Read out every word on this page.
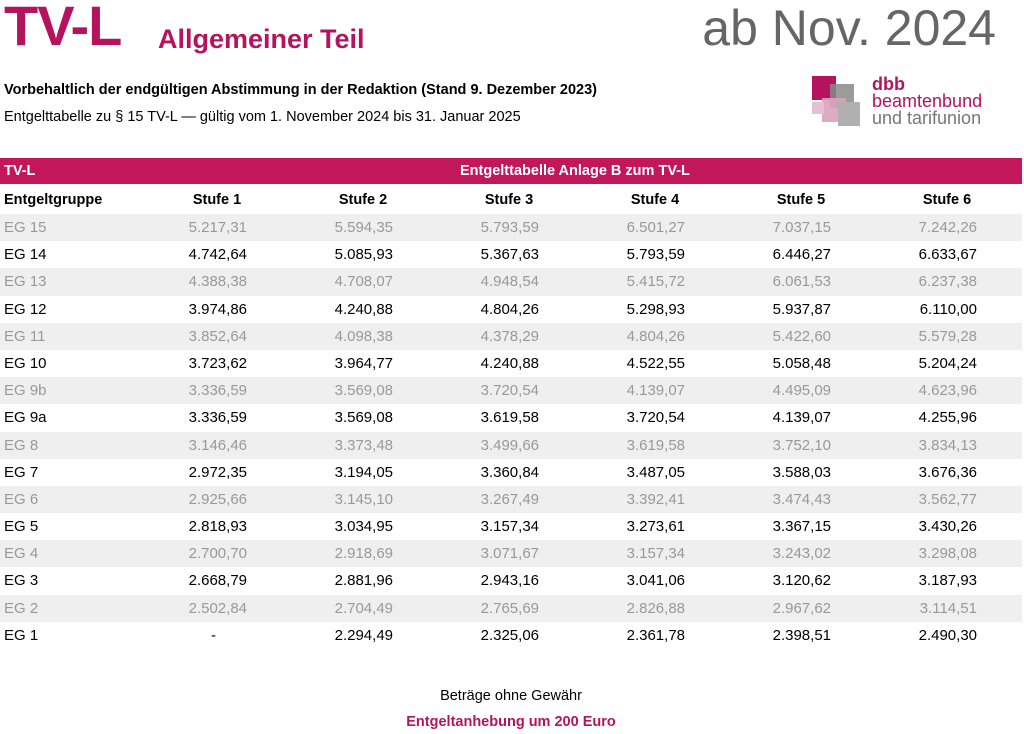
TV-L Allgemeiner Teil	ab Nov. 2024
Vorbehaltlich der endgültigen Abstimmung in der Redaktion (Stand 9. Dezember 2023)
Entgelttabelle zu § 15 TV-L — gültig vom 1. November 2024 bis 31. Januar 2025
dbb
beamtenbund
und tarifunion
TV-L	Entgelttabelle Anlage B zum TV-L
Entgeltgruppe	Stufe 1	Stufe 2	Stufe 3	Stufe 4	Stufe 5	Stufe 6
EG 15	5.217,31	5.594,35	5.793,59	6.501,27	7.037,15	7.242,26
EG 14	4.742,64	5.085,93	5.367,63	5.793,59	6.446,27	6.633,67
EG 13	4.388,38	4.708,07	4.948,54	5.415,72	6.061,53	6.237,38
EG 12	3.974,86	4.240,88	4.804,26	5.298,93	5.937,87	6.110,00
EG 11	3.852,64	4.098,38	4.378,29	4.804,26	5.422,60	5.579,28
EG 10	3.723,62	3.964,77	4.240,88	4.522,55	5.058,48	5.204,24
EG 9b	3.336,59	3.569,08	3.720,54	4.139,07	4.495,09	4.623,96
EG 9a	3.336,59	3.569,08	3.619,58	3.720,54	4.139,07	4.255,96
EG 8	3.146,46	3.373,48	3.499,66	3.619,58	3.752,10	3.834,13
EG 7	2.972,35	3.194,05	3.360,84	3.487,05	3.588,03	3.676,36
EG 6	2.925,66	3.145,10	3.267,49	3.392,41	3.474,43	3.562,77
EG 5	2.818,93	3.034,95	3.157,34	3.273,61	3.367,15	3.430,26
EG 4	2.700,70	2.918,69	3.071,67	3.157,34	3.243,02	3.298,08
EG 3	2.668,79	2.881,96	2.943,16	3.041,06	3.120,62	3.187,93
EG 2	2.502,84	2.704,49	2.765,69	2.826,88	2.967,62	3.114,51
EG 1	-	2.294,49	2.325,06	2.361,78	2.398,51	2.490,30
Beträge ohne Gewähr
Entgeltanhebung um 200 Euro
